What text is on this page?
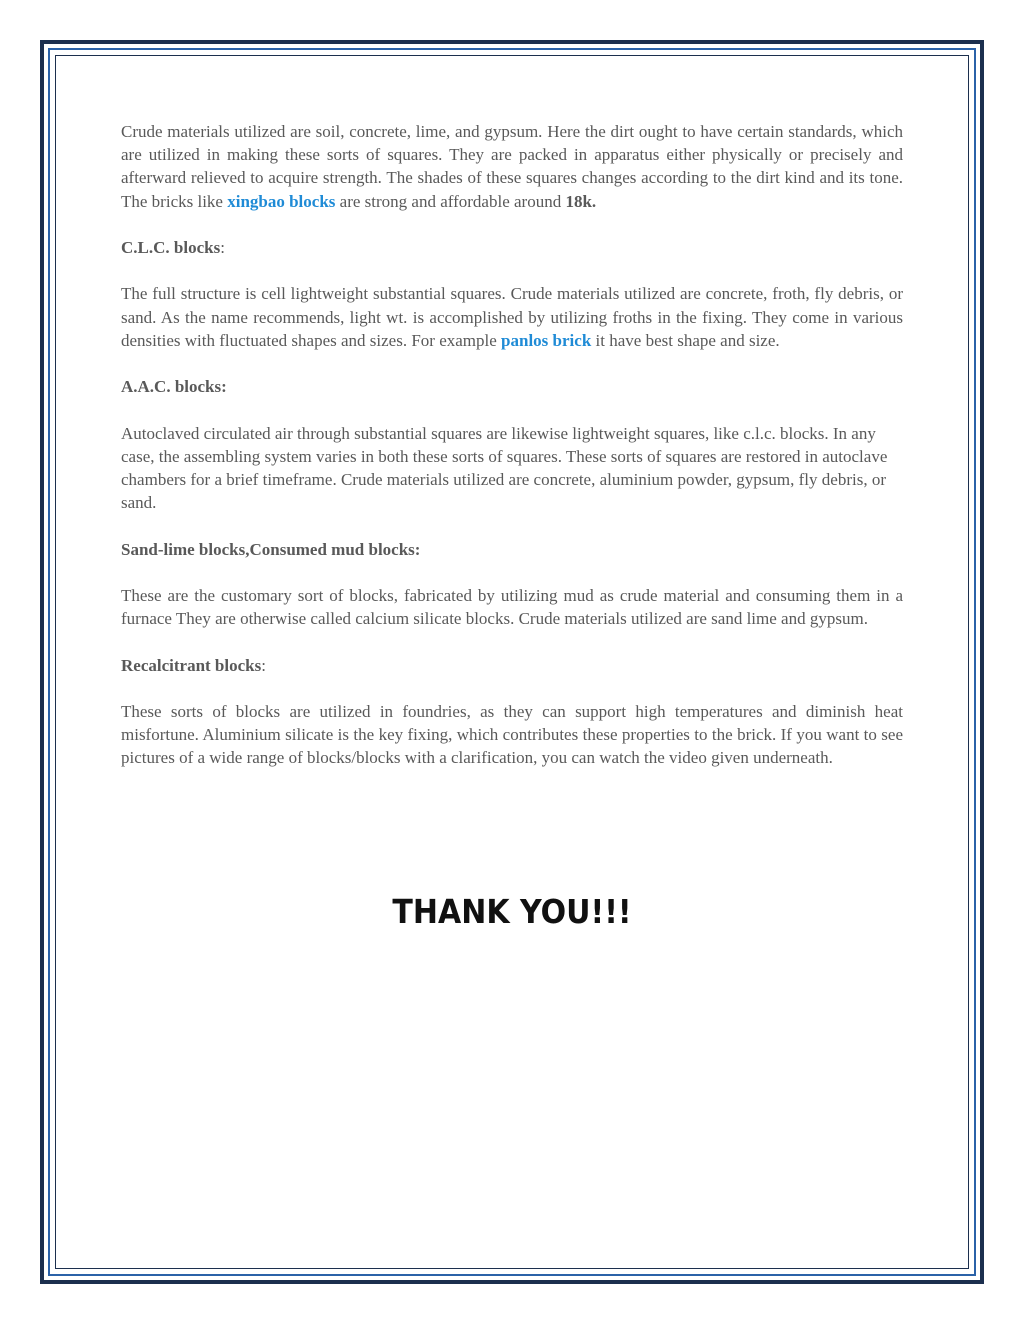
Crude materials utilized are soil, concrete, lime, and gypsum. Here the dirt ought to have certain standards, which are utilized in making these sorts of squares. They are packed in apparatus either physically or precisely and afterward relieved to acquire strength. The shades of these squares changes according to the dirt kind and its tone. The bricks like xingbao blocks are strong and affordable around 18k.

C.L.C. blocks:

The full structure is cell lightweight substantial squares. Crude materials utilized are concrete, froth, fly debris, or sand. As the name recommends, light wt. is accomplished by utilizing froths in the fixing. They come in various densities with fluctuated shapes and sizes. For example panlos brick it have best shape and size.

A.A.C. blocks:

Autoclaved circulated air through substantial squares are likewise lightweight squares, like c.l.c. blocks. In any case, the assembling system varies in both these sorts of squares. These sorts of squares are restored in autoclave chambers for a brief timeframe. Crude materials utilized are concrete, aluminium powder, gypsum, fly debris, or sand.

Sand-lime blocks,Consumed mud blocks:

These are the customary sort of blocks, fabricated by utilizing mud as crude material and consuming them in a furnace They are otherwise called calcium silicate blocks. Crude materials utilized are sand lime and gypsum.

Recalcitrant blocks:

These sorts of blocks are utilized in foundries, as they can support high temperatures and diminish heat misfortune. Aluminium silicate is the key fixing, which contributes these properties to the brick. If you want to see pictures of a wide range of blocks/blocks with a clarification, you can watch the video given underneath.

THANK YOU!!!
